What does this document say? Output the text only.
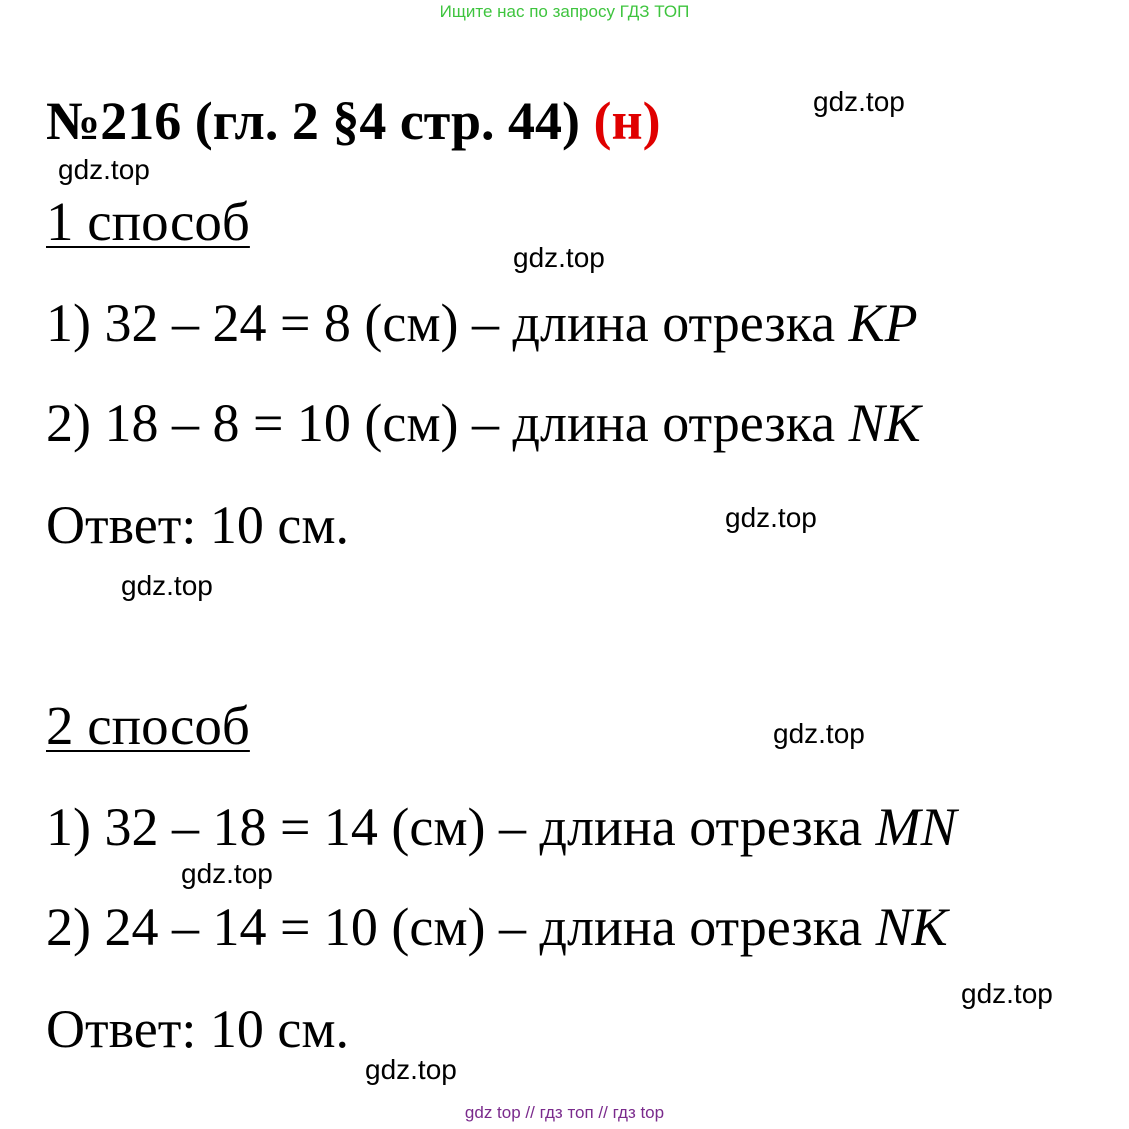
Ищите нас по запросу ГДЗ ТОП
№216 (гл. 2 §4 стр. 44) (н)
1 способ
1) 32 – 24 = 8 (см) – длина отрезка KP
2) 18 – 8 = 10 (см) – длина отрезка NK
Ответ: 10 см.
2 способ
1) 32 – 18 = 14 (см) – длина отрезка MN
2) 24 – 14 = 10 (см) – длина отрезка NK
Ответ: 10 см.
gdz.top
gdz.top
gdz.top
gdz.top
gdz.top
gdz.top
gdz.top
gdz.top
gdz.top
gdz top // гдз топ // гдз top
